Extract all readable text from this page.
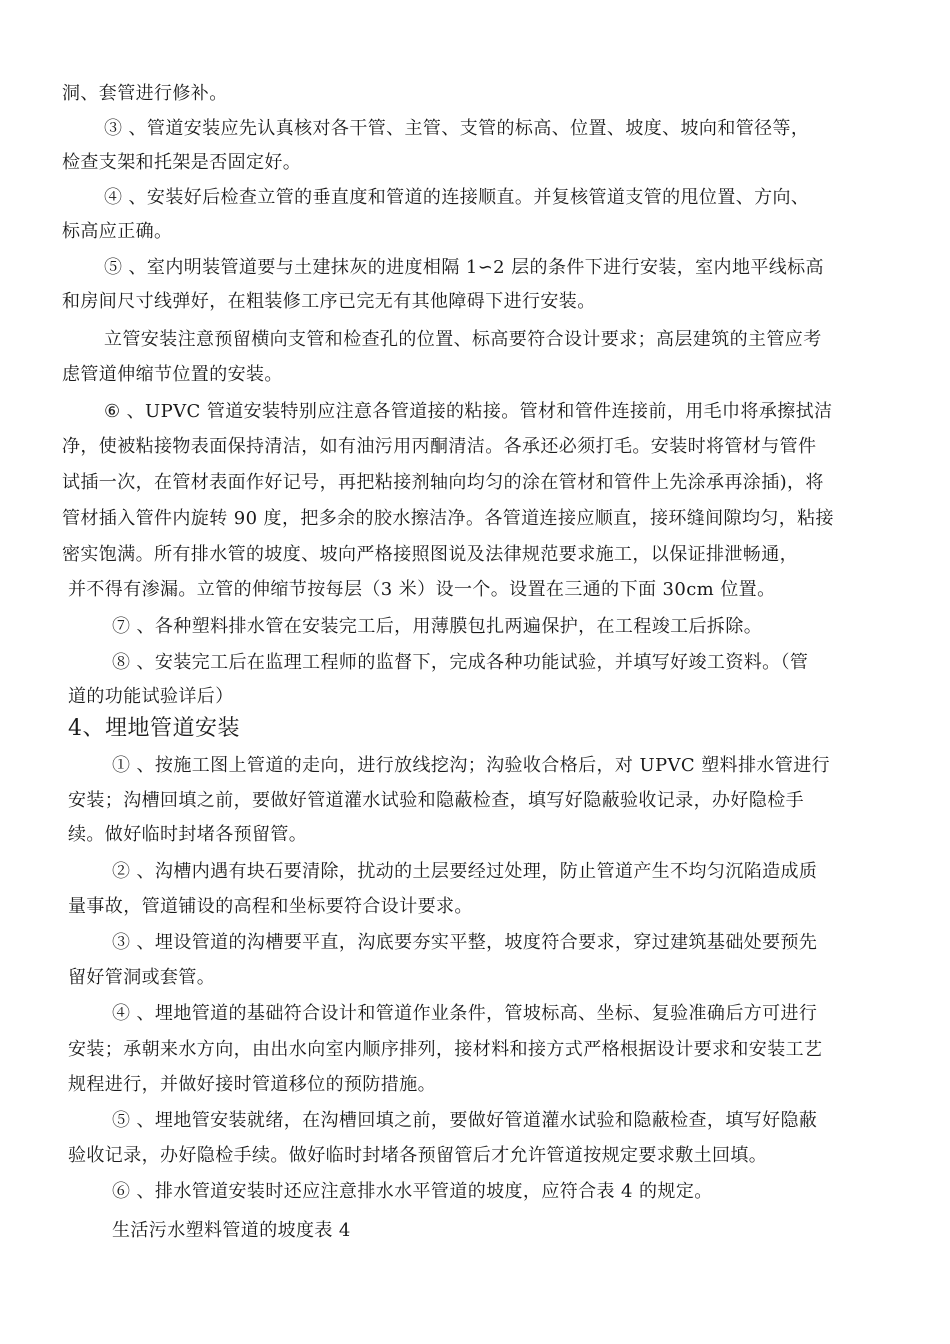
洞、套管进行修补。
③ 、管道安装应先认真核对各干管、主管、支管的标高、位置、坡度、坡向和管径等，
检查支架和托架是否固定好。
④ 、安装好后检查立管的垂直度和管道的连接顺直。并复核管道支管的甩位置、方向、
标高应正确。
⑤ 、室内明装管道要与土建抹灰的进度相隔 1∽2 层的条件下进行安装，室内地平线标高
和房间尺寸线弹好，在粗装修工序已完无有其他障碍下进行安装。
立管安装注意预留横向支管和检查孔的位置、标高要符合设计要求；高层建筑的主管应考
虑管道伸缩节位置的安装。
⑥ 、UPVC 管道安装特别应注意各管道接的粘接。管材和管件连接前，用毛巾将承擦拭洁
净，使被粘接物表面保持清洁，如有油污用丙酮清洁。各承还必须打毛。安装时将管材与管件
试插一次，在管材表面作好记号，再把粘接剂轴向均匀的涂在管材和管件上先涂承再涂插)，将
管材插入管件内旋转 90 度，把多余的胶水擦洁净。各管道连接应顺直，接环缝间隙均匀，粘接
密实饱满。所有排水管的坡度、坡向严格接照图说及法律规范要求施工，以保证排泄畅通，
并不得有渗漏。立管的伸缩节按每层（3 米）设一个。设置在三通的下面 30cm 位置。
⑦ 、各种塑料排水管在安装完工后，用薄膜包扎两遍保护，在工程竣工后拆除。
⑧ 、安装完工后在监理工程师的监督下，完成各种功能试验，并填写好竣工资料。（管
道的功能试验详后）
4、埋地管道安装
① 、按施工图上管道的走向，进行放线挖沟；沟验收合格后，对 UPVC 塑料排水管进行
安装；沟槽回填之前，要做好管道灌水试验和隐蔽检查，填写好隐蔽验收记录，办好隐检手
续。做好临时封堵各预留管。
② 、沟槽内遇有块石要清除，扰动的土层要经过处理，防止管道产生不均匀沉陷造成质
量事故，管道铺设的高程和坐标要符合设计要求。
③ 、埋设管道的沟槽要平直，沟底要夯实平整，坡度符合要求，穿过建筑基础处要预先
留好管洞或套管。
④ 、埋地管道的基础符合设计和管道作业条件，管坡标高、坐标、复验准确后方可进行
安装；承朝来水方向，由出水向室内顺序排列，接材料和接方式严格根据设计要求和安装工艺
规程进行，并做好接时管道移位的预防措施。
⑤ 、埋地管安装就绪，在沟槽回填之前，要做好管道灌水试验和隐蔽检查，填写好隐蔽
验收记录，办好隐检手续。做好临时封堵各预留管后才允许管道按规定要求敷土回填。
⑥ 、排水管道安装时还应注意排水水平管道的坡度，应符合表 4 的规定。
生活污水塑料管道的坡度表 4
